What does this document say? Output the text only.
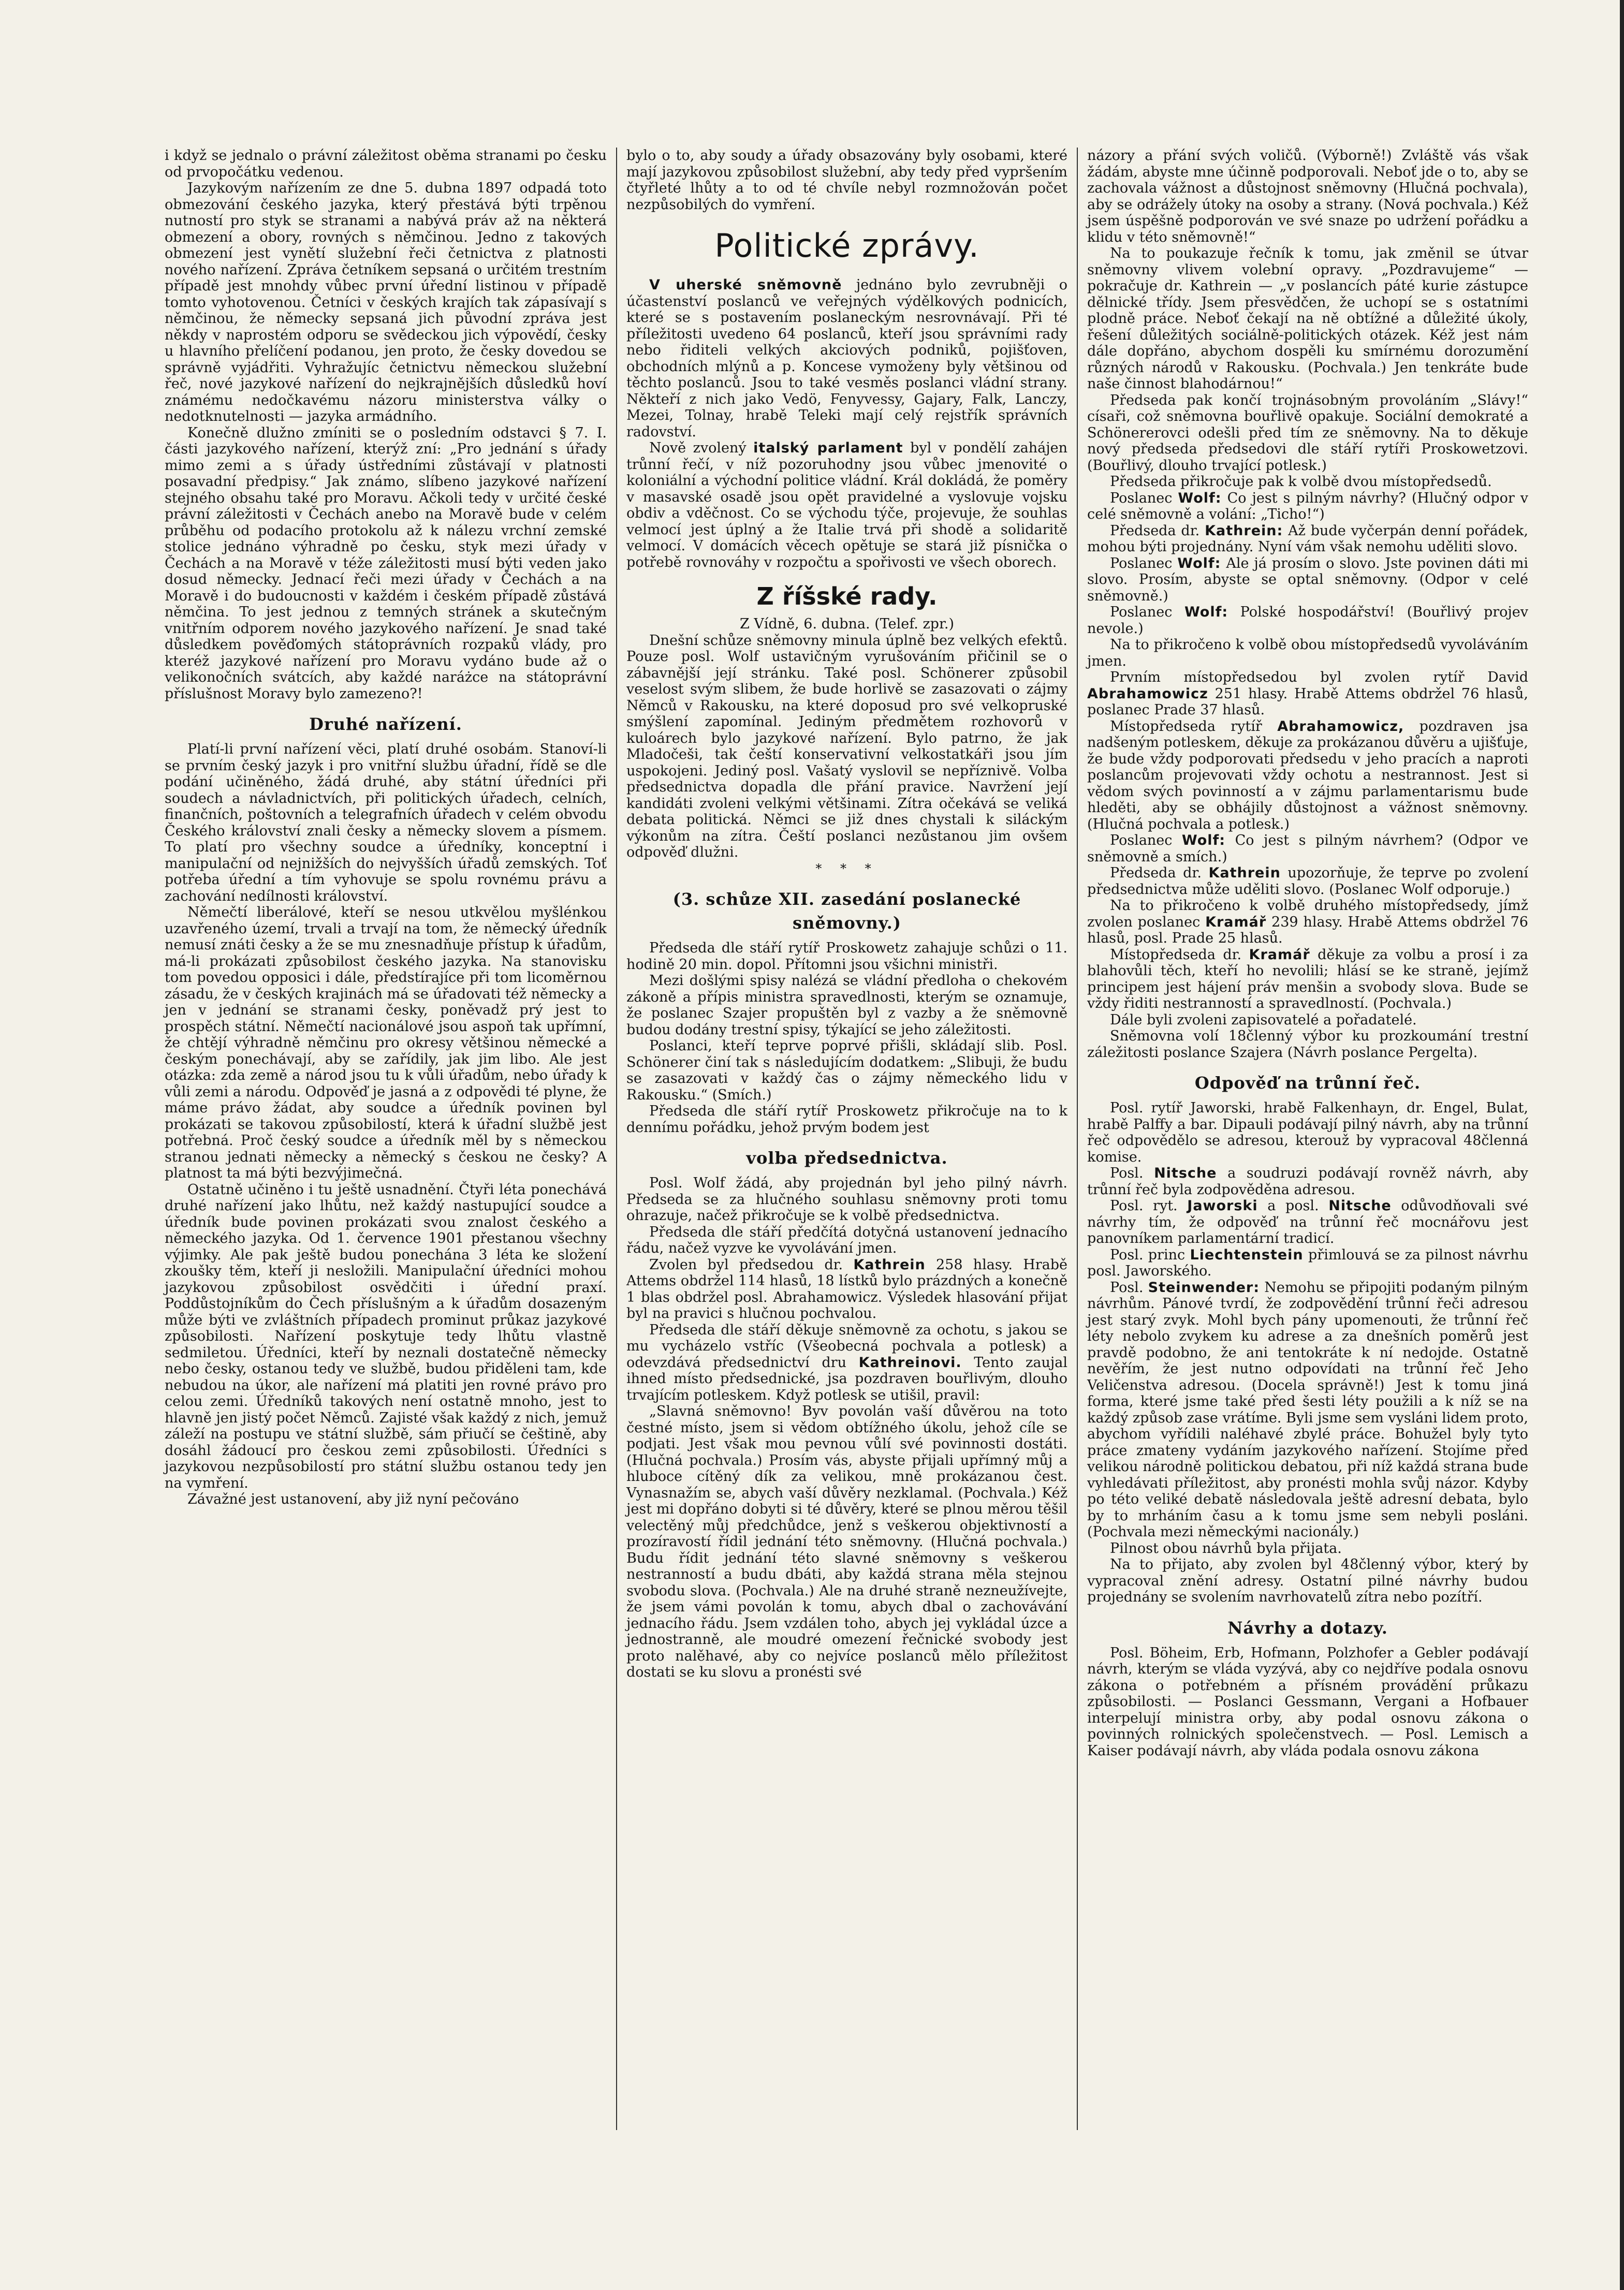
i když se jednalo o právní záležitost oběma stranami po česku od prvopočátku vedenou.

Jazykovým nařízením ze dne 5. dubna 1897 odpadá toto obmezování českého jazyka, který přestává býti trpěnou nutností pro styk se stranami a nabývá práv až na některá obmezení a obory, rovných s němčinou. Jedno z takových obmezení jest vynětí služební řeči četnictva z platnosti nového nařízení. Zpráva četníkem sepsaná o určitém trestním případě jest mnohdy vůbec první úřední listinou v případě tomto vyhotovenou. Četníci v českých krajích tak zápasívají s němčinou, že německy sepsaná jich původní zpráva jest někdy v naprostém odporu se svědeckou jich výpovědí, česky u hlavního přelíčení podanou, jen proto, že česky dovedou se správně vyjádřiti. Vyhražujíc četnictvu německou služební řeč, nové jazykové nařízení do nejkrajnějších důsledků hoví známému nedočkavému názoru ministerstva války o nedotknutelnosti — jazyka armádního.

Konečně dlužno zmíniti se o posledním odstavci § 7. I. části jazykového nařízení, kterýž zní: „Pro jednání s úřady mimo zemi a s úřady ústředními zůstávají v platnosti posavadní předpisy.“ Jak známo, slíbeno jazykové nařízení stejného obsahu také pro Moravu. Ačkoli tedy v určité české právní záležitosti v Čechách anebo na Moravě bude v celém průběhu od podacího protokolu až k nálezu vrchní zemské stolice jednáno výhradně po česku, styk mezi úřady v Čechách a na Moravě v téže záležitosti musí býti veden jako dosud německy. Jednací řeči mezi úřady v Čechách a na Moravě i do budoucnosti v každém i českém případě zůstává němčina. To jest jednou z temných stránek a skutečným vnitřním odporem nového jazykového nařízení. Je snad také důsledkem pověďomých státoprávních rozpaků vlády, pro kteréž jazykové nařízení pro Moravu vydáno bude až o velikonočních svátcích, aby každé naráżce na státoprávní příslušnost Moravy bylo zamezeno?!

Druhé nařízení.

Platí-li první nařízení věci, platí druhé osobám. Stanoví-li se prvním český jazyk i pro vnitřní službu úřadní, řídě se dle podání učiněného, žádá druhé, aby státní úředníci při soudech a návladnictvích, při politických úřadech, celních, finančních, poštovních a telegrafních úřadech v celém obvodu Českého království znali česky a německy slovem a písmem. To platí pro všechny soudce a úředníky, konceptní i manipulační od nejnižších do nejvyšších úřadů zemských. Toť potřeba úřední a tím vyhovuje se spolu rovnému právu a zachování nedílnosti království.

Němečtí liberálové, kteří se nesou utkvělou myšlénkou uzavřeného území, trvali a trvají na tom, že německý úředník nemusí znáti česky a že se mu znesnadňuje přístup k úřadům, má-li prokázati způsobilost českého jazyka. Na stanovisku tom povedou opposici i dále, předstírajíce při tom licoměrnou zásadu, že v českých krajinách má se úřadovati též německy a jen v jednání se stranami česky, poněvadž prý jest to prospěch státní. Němečtí nacionálové jsou aspoň tak upřímní, že chtějí výhradně němčinu pro okresy většinou německé a českým ponechávají, aby se zařídily, jak jim libo. Ale jest otázka: zda země a národ jsou tu k vůli úřadům, nebo úřady k vůli zemi a národu. Odpověď je jasná a z odpovědi té plyne, že máme právo žádat, aby soudce a úředník povinen byl prokázati se takovou způsobilostí, která k úřadní službě jest potřebná. Proč český soudce a úředník měl by s německou stranou jednati německy a německý s českou ne česky? A platnost ta má býti bezvýjimečná.

Ostatně učiněno i tu ještě usnadnění. Čtyři léta ponechává druhé nařízení jako lhůtu, než každý nastupující soudce a úředník bude povinen prokázati svou znalost českého a německého jazyka. Od 1. července 1901 přestanou všechny výjimky. Ale pak ještě budou ponechána 3 léta ke složení zkoušky těm, kteří ji nesložili. Manipulační úředníci mohou jazykovou způsobilost osvědčiti i úřední praxí. Poddůstojníkům do Čech příslušným a k úřadům dosazeným může býti ve zvláštních případech prominut průkaz jazykové způsobilosti. Nařízení poskytuje tedy lhůtu vlastně sedmiletou. Úředníci, kteří by neznali dostatečně německy nebo česky, ostanou tedy ve službě, budou přiděleni tam, kde nebudou na úkor, ale nařízení má platiti jen rovné právo pro celou zemi. Úředníků takových není ostatně mnoho, jest to hlavně jen jistý počet Němců. Zajisté však každý z nich, jemuž záleží na postupu ve státní službě, sám přiučí se češtině, aby dosáhl žádoucí pro českou zemi způsobilosti. Úředníci s jazykovou nezpůsobilostí pro státní službu ostanou tedy jen na vymření.

Závažné jest ustanovení, aby již nyní pečováno

bylo o to, aby soudy a úřady obsazovány byly osobami, které mají jazykovou způsobilost služební, aby tedy před vypršením čtyřleté lhůty a to od té chvíle nebyl rozmnožován počet nezpůsobilých do vymření.

Politické zprávy.

V uherské sněmovně jednáno bylo zevrubněji o účastenství poslanců ve veřejných výdělkových podnicích, které se s postavením poslaneckým nesrovnávají. Při té příležitosti uvedeno 64 poslanců, kteří jsou správními rady nebo řiditeli velkých akciových podniků, pojišťoven, obchodních mlýnů a p. Koncese vymoženy byly většinou od těchto poslanců. Jsou to také vesměs poslanci vládní strany. Někteří z nich jako Vedö, Fenyvessy, Gajary, Falk, Lanczy, Mezei, Tolnay, hrabě Teleki mají celý rejstřík správních radovství.

Nově zvolený italský parlament byl v pondělí zahájen trůnní řečí, v níž pozoruhodny jsou vůbec jmenovité o koloniální a východní politice vládní. Král dokládá, že poměry v masavské osadě jsou opět pravidelné a vyslovuje vojsku obdiv a vděčnost. Co se východu týče, projevuje, že souhlas velmocí jest úplný a že Italie trvá při shodě a solidaritě velmocí. V domácích věcech opětuje se stará již písnička o potřebě rovnováhy v rozpočtu a spořivosti ve všech oborech.

Z říšské rady.

Z Vídně, 6. dubna. (Telef. zpr.)

Dnešní schůze sněmovny minula úplně bez velkých efektů. Pouze posl. Wolf ustavičným vyrušováním přičinil se o zábavnější její stránku. Také posl. Schönerer způsobil veselost svým slibem, že bude horlivě se zasazovati o zájmy Němců v Rakousku, na které doposud pro své velkopruské smýšlení zapomínal. Jediným předmětem rozhovorů v kuloárech bylo jazykové nařízení. Bylo patrno, že jak Mladočeši, tak čeští konservativní velkostatkáři jsou jím uspokojeni. Jediný posl. Vašatý vyslovil se nepříznivě. Volba předsednictva dopadla dle přání pravice. Navržení její kandidáti zvoleni velkými většinami. Zítra očekává se veliká debata politická. Němci se již dnes chystali k silácký́m výkonům na zítra. Čeští poslanci nezůstanou jim ovšem odpověď dlužni.

* * *

(3. schůze XII. zasedání poslanecké sněmovny.)

Předseda dle stáří rytíř Proskowetz zahajuje schůzi o 11. hodině 20 min. dopol. Přítomni jsou všichni ministři.

Mezi došlými spisy nalézá se vládní předloha o chekovém zákoně a přípis ministra spravedlnosti, kterým se oznamuje, že poslanec Szajer propuštěn byl z vazby a že sněmovně budou dodány trestní spisy, týkající se jeho záležitosti.

Poslanci, kteří teprve poprvé přišli, skládají slib. Posl. Schönerer činí tak s následujícím dodatkem: „Slibuji, že budu se zasazovati v každý čas o zájmy německého lidu v Rakousku.“ (Smích.)

Předseda dle stáří rytíř Proskowetz přikročuje na to k dennímu pořádku, jehož prvým bodem jest

volba předsednictva.

Posl. Wolf žádá, aby projednán byl jeho pilný návrh. Předseda se za hlučného souhlasu sněmovny proti tomu ohrazuje, načež přikročuje se k volbě předsednictva.

Předseda dle stáří předčítá dotyčná ustanovení jednacího řádu, načež vyzve ke vyvolávání jmen.

Zvolen byl předsedou dr. Kathrein 258 hlasy. Hrabě Attems obdržel 114 hlasů, 18 lístků bylo prázdných a konečně 1 blas obdržel posl. Abrahamowicz. Výsledek hlasování přijat byl na pravici s hlučnou pochvalou.

Předseda dle stáří děkuje sněmovně za ochotu, s jakou se mu vycházelo vstříc (Všeobecná pochvala a potlesk) a odevzdává předsednictví dru Kathreinovi. Tento zaujal ihned místo předsednické, jsa pozdraven bouřlivým, dlouho trvajícím potleskem. Když potlesk se utišil, pravil:

„Slavná sněmovno! Byv povolán vaší důvěrou na toto čestné místo, jsem si vědom obtížného úkolu, jehož cíle se podjati. Jest však mou pevnou vůlí své povinnosti dostáti. (Hlučná pochvala.) Prosím vás, abyste přijali upřímný můj a hluboce cítěný dík za velikou, mně prokázanou čest. Vynasnažím se, abych vaší důvěry nezklamal. (Pochvala.) Kéž jest mi dopřáno dobyti si té důvěry, které se plnou měrou těšil velectěný můj předchůdce, jenž s veškerou objektivností a prozíravostí řídil jednání této sněmovny. (Hlučná pochvala.) Budu řídit jednání této slavné sněmovny s veškerou nestranností a budu dbáti, aby každá strana měla stejnou svobodu slova. (Pochvala.) Ale na druhé straně nezneužívejte, že jsem vámi povolán k tomu, abych dbal o zachovávání jednacího řádu. Jsem vzdálen toho, abych jej vykládal úzce a jednostranně, ale moudré omezení řečnické svobody jest proto nalěhavé, aby co nejvíce poslanců mělo příležitost dostati se ku slovu a pronésti své

názory a přání svých voličů. (Výborně!) Zvláště vás však žádám, abyste mne účinně podporovali. Neboť jde o to, aby se zachovala vážnost a důstojnost sněmovny (Hlučná pochvala), aby se odrážely útoky na osoby a strany. (Nová pochvala.) Kéž jsem úspěšně podporován ve své snaze po udržení pořádku a klidu v této sněmovně!“

Na to poukazuje řečník k tomu, jak změnil se útvar sněmovny vlivem volební opravy. „Pozdravujeme“ — pokračuje dr. Kathrein — „v poslancích páté kurie zástupce dělnické třídy. Jsem přesvědčen, že uchopí se s ostatními plodně práce. Neboť čekají na ně obtížné a důležité úkoly, řešení důležitých sociálně-politických otázek. Kéž jest nám dále dopřáno, abychom dospěli ku smírnému dorozumění různých národů v Rakousku. (Pochvala.) Jen tenkráte bude naše činnost blahodárnou!“

Předseda pak končí trojnásobným provoláním „Slávy!“ císaři, což sněmovna bouřlivě opakuje. Sociální demokraté a Schönererovci odešli před tím ze sněmovny. Na to děkuje nový předseda předsedovi dle stáří rytíři Proskowetzovi. (Bouřlivý, dlouho trvající potlesk.)

Předseda přikročuje pak k volbě dvou místopředsedů.

Poslanec Wolf: Co jest s pilným návrhy? (Hlučný odpor v celé sněmovně a volání: „Ticho!“)

Předseda dr. Kathrein: Až bude vyčerpán denní pořádek, mohou býti projednány. Nyní vám však nemohu uděliti slovo.

Poslanec Wolf: Ale já prosím o slovo. Jste povinen dáti mi slovo. Prosím, abyste se optal sněmovny. (Odpor v celé sněmovně.)

Poslanec Wolf: Polské hospodářství! (Bouřlivý projev nevole.)

Na to přikročeno k volbě obou místopředsedů vyvoláváním jmen.

Prvním místopředsedou byl zvolen rytíř David Abrahamowicz 251 hlasy. Hrabě Attems obdržel 76 hlasů, poslanec Prade 37 hlasů.

Místopředseda rytíř Abrahamowicz, pozdraven jsa nadšeným potleskem, děkuje za prokázanou důvěru a ujišťuje, že bude vždy podporovati předsedu v jeho pracích a naproti poslancům projevovati vždy ochotu a nestrannost. Jest si vědom svých povinností a v zájmu parlamentarismu bude hleděti, aby se obhájily důstojnost a vážnost sněmovny. (Hlučná pochvala a potlesk.)

Poslanec Wolf: Co jest s pilným návrhem? (Odpor ve sněmovně a smích.)

Předseda dr. Kathrein upozorňuje, že teprve po zvolení předsednictva může uděliti slovo. (Poslanec Wolf odporuje.)

Na to přikročeno k volbě druhého místopředsedy, jímž zvolen poslanec Kramář 239 hlasy. Hrabě Attems obdržel 76 hlasů, posl. Prade 25 hlasů.

Místopředseda dr. Kramář děkuje za volbu a prosí i za blahovůli těch, kteří ho nevolili; hlásí se ke straně, jejímž principem jest hájení práv menšin a svobody slova. Bude se vždy řiditi nestranností a spravedlností. (Pochvala.)

Dále byli zvoleni zapisovatelé a pořadatelé.

Sněmovna volí 18členný výbor ku prozkoumání trestní záležitosti poslance Szajera (Návrh poslance Pergelta).

Odpověď na trůnní řeč.

Posl. rytíř Jaworski, hrabě Falkenhayn, dr. Engel, Bulat, hrabě Palffy a bar. Dipauli podávají pilný návrh, aby na trůnní řeč odpovědělo se adresou, kterouž by vypracoval 48členná komise.

Posl. Nitsche a soudruzi podávají rovněž návrh, aby trůnní řeč byla zodpověděna adresou.

Posl. ryt. Jaworski a posl. Nitsche odůvodňovali své návrhy tím, že odpověď na trůnní řeč mocnářovu jest panovníkem parlamentární tradicí.

Posl. princ Liechtenstein přimlouvá se za pilnost návrhu posl. Jaworského.

Posl. Steinwender: Nemohu se připojiti podaným pilným návrhům. Pánové tvrdí, že zodpovědění trůnní řeči adresou jest starý zvyk. Mohl bych pány upomenouti, že trůnní řeč léty nebolo zvykem ku adrese a za dnešních poměrů jest pravdě podobno, že ani tentokráte k ní nedojde. Ostatně nevěřím, že jest nutno odpovídati na trůnní řeč Jeho Veličenstva adresou. (Docela správně!) Jest k tomu jiná forma, které jsme také před šesti léty použili a k níž se na každý způsob zase vrátíme. Byli jsme sem vysláni lidem proto, abychom vyřídili naléhavé zbylé práce. Bohužel byly tyto práce zmateny vydáním jazykového nařízení. Stojíme před velikou národně politickou debatou, při níž každá strana bude vyhledávati příležitost, aby pronésti mohla svůj názor. Kdyby po této veliké debatě následovala ještě adresní debata, bylo by to mrháním času a k tomu jsme sem nebyli posláni. (Pochvala mezi německými nacionály.)

Pilnost obou návrhů byla přijata.

Na to přijato, aby zvolen byl 48členný výbor, který by vypracoval znění adresy. Ostatní pilné návrhy budou projednány se svolením navrhovatelů zítra nebo pozítří.

Návrhy a dotazy.

Posl. Böheim, Erb, Hofmann, Polzhofer a Gebler podávají návrh, kterým se vláda vyzývá, aby co nejdříve podala osnovu zákona o potřebném a přísném provádění průkazu způsobilosti. — Poslanci Gessmann, Vergani a Hofbauer interpelují ministra orby, aby podal osnovu zákona o povinných rolnických společenstvech. — Posl. Lemisch a Kaiser podávají návrh, aby vláda podala osnovu zákona
